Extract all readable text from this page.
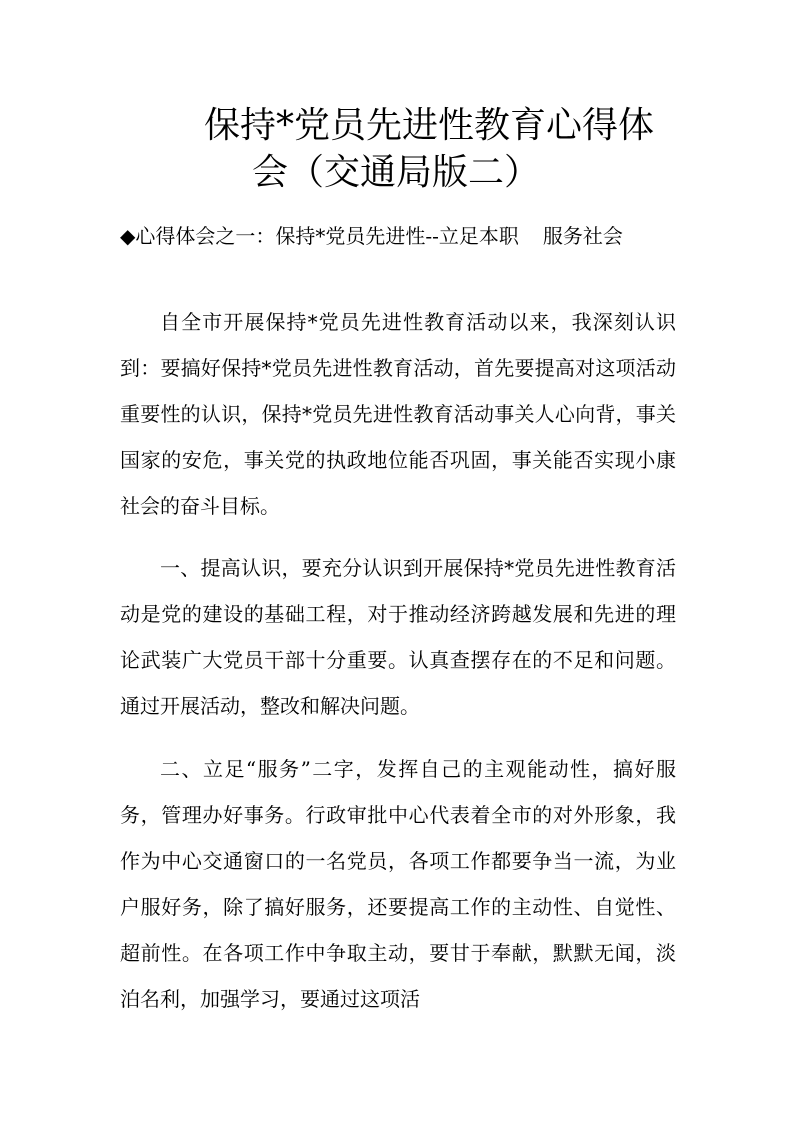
保持*党员先进性教育心得体
会（交通局版二）

◆心得体会之一：保持*党员先进性--立足本职 服务社会

自全市开展保持*党员先进性教育活动以来，我深刻认识到：要搞好保持*党员先进性教育活动，首先要提高对这项活动重要性的认识，保持*党员先进性教育活动事关人心向背，事关国家的安危，事关党的执政地位能否巩固，事关能否实现小康社会的奋斗目标。

一、提高认识，要充分认识到开展保持*党员先进性教育活动是党的建设的基础工程，对于推动经济跨越发展和先进的理论武装广大党员干部十分重要。认真查摆存在的不足和问题。通过开展活动，整改和解决问题。

二、立足“服务”二字，发挥自己的主观能动性，搞好服务，管理办好事务。行政审批中心代表着全市的对外形象，我作为中心交通窗口的一名党员，各项工作都要争当一流，为业户服好务，除了搞好服务，还要提高工作的主动性、自觉性、超前性。在各项工作中争取主动，要甘于奉献，默默无闻，淡泊名利，加强学习，要通过这项活
